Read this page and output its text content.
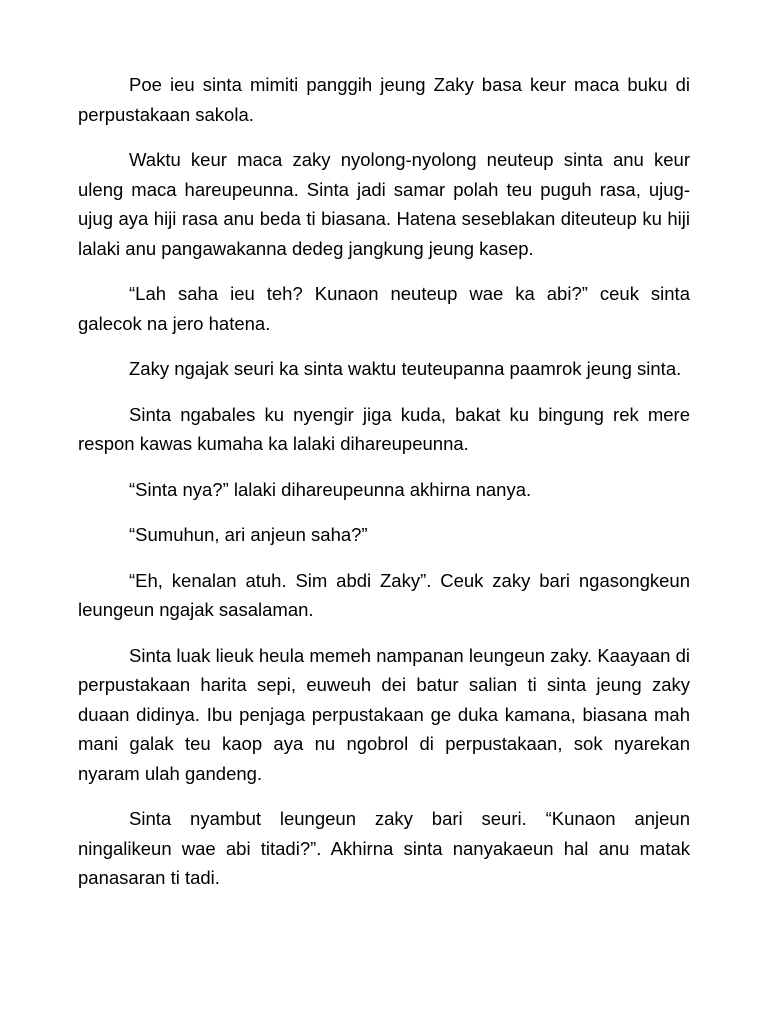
Poe ieu sinta mimiti panggih jeung Zaky basa keur maca buku di perpustakaan sakola.

Waktu keur maca zaky nyolong-nyolong neuteup sinta anu keur uleng maca hareupeunna. Sinta jadi samar polah teu puguh rasa, ujug-ujug aya hiji rasa anu beda ti biasana. Hatena seseblakan diteuteup ku hiji lalaki anu pangawakanna dedeg jangkung jeung kasep.

“Lah saha ieu teh? Kunaon neuteup wae ka abi?” ceuk sinta galecok na jero hatena.

Zaky ngajak seuri ka sinta waktu teuteupanna paamrok jeung sinta.

Sinta ngabales ku nyengir jiga kuda, bakat ku bingung rek mere respon kawas kumaha ka lalaki dihareupeunna.

“Sinta nya?” lalaki dihareupeunna akhirna nanya.

“Sumuhun, ari anjeun saha?”

“Eh, kenalan atuh. Sim abdi Zaky”. Ceuk zaky bari ngasongkeun leungeun ngajak sasalaman.

Sinta luak lieuk heula memeh nampanan leungeun zaky. Kaayaan di perpustakaan harita sepi, euweuh dei batur salian ti sinta jeung zaky duaan didinya. Ibu penjaga perpustakaan ge duka kamana, biasana mah mani galak teu kaop aya nu ngobrol di perpustakaan, sok nyarekan nyaram ulah gandeng.

Sinta nyambut leungeun zaky bari seuri. “Kunaon anjeun ningalikeun wae abi titadi?”. Akhirna sinta nanyakaeun hal anu matak panasaran ti tadi.
